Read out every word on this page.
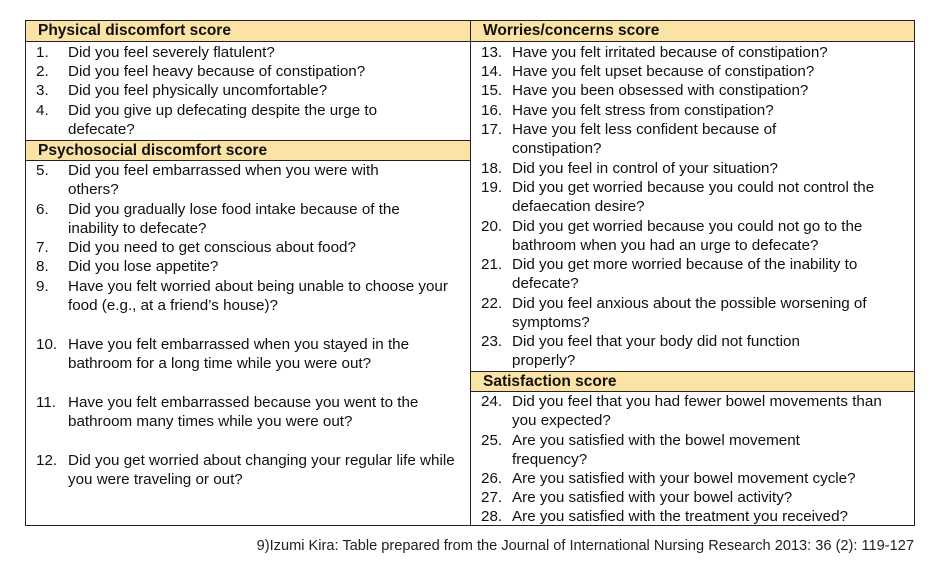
Physical discomfort score
1. Did you feel severely flatulent?
2. Did you feel heavy because of constipation?
3. Did you feel physically uncomfortable?
4. Did you give up defecating despite the urge to defecate?
Psychosocial discomfort score
5. Did you feel embarrassed when you were with others?
6. Did you gradually lose food intake because of the inability to defecate?
7. Did you need to get conscious about food?
8. Did you lose appetite?
9. Have you felt worried about being unable to choose your food (e.g., at a friend’s house)?
10. Have you felt embarrassed when you stayed in the bathroom for a long time while you were out?
11. Have you felt embarrassed because you went to the bathroom many times while you were out?
12. Did you get worried about changing your regular life while you were traveling or out?
Worries/concerns score
13. Have you felt irritated because of constipation?
14. Have you felt upset because of constipation?
15. Have you been obsessed with constipation?
16. Have you felt stress from constipation?
17. Have you felt less confident because of constipation?
18. Did you feel in control of your situation?
19. Did you get worried because you could not control the defaecation desire?
20. Did you get worried because you could not go to the bathroom when you had an urge to defecate?
21. Did you get more worried because of the inability to defecate?
22. Did you feel anxious about the possible worsening of symptoms?
23. Did you feel that your body did not function properly?
Satisfaction score
24. Did you feel that you had fewer bowel movements than you expected?
25. Are you satisfied with the bowel movement frequency?
26. Are you satisfied with your bowel movement cycle?
27. Are you satisfied with your bowel activity?
28. Are you satisfied with the treatment you received?
9)Izumi Kira: Table prepared from the Journal of International Nursing Research 2013: 36 (2): 119-127
